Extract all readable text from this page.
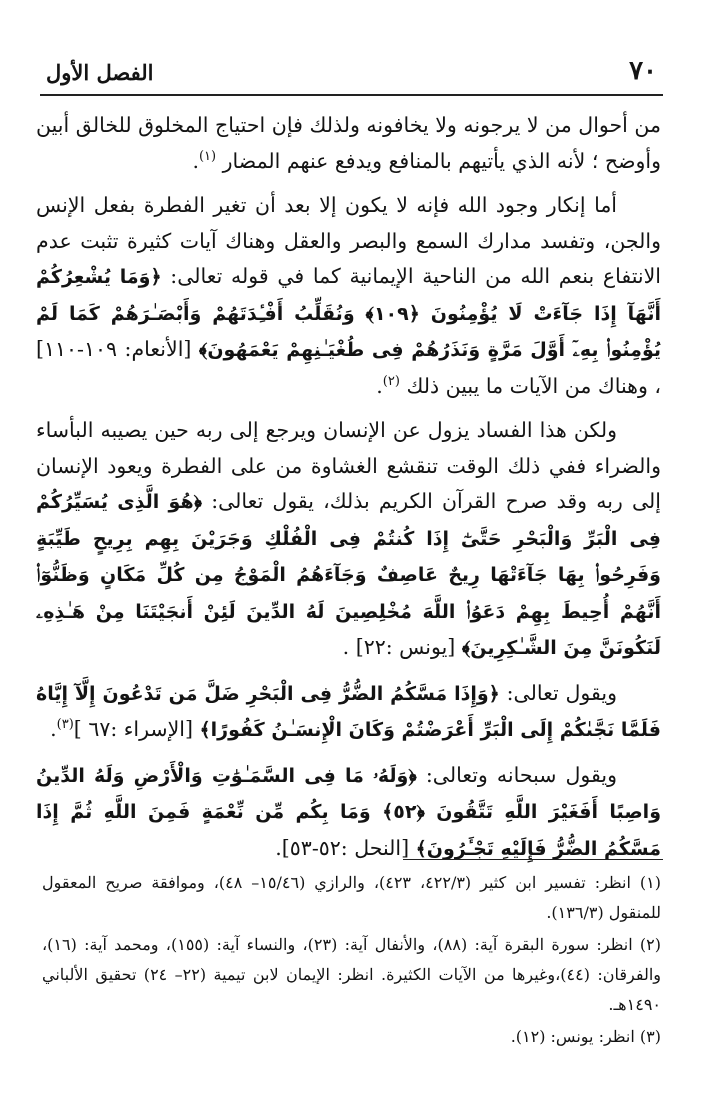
٧٠
الفصل الأول

من أحوال من لا يرجونه ولا يخافونه ولذلك فإن احتياج المخلوق للخالق أبين وأوضح ؛ لأنه الذي يأتيهم بالمنافع ويدفع عنهم المضار $^{(١)}$.

أما إنكار وجود الله فإنه لا يكون إلا بعد أن تغير الفطرة بفعل الإنس والجن، وتفسد مدارك السمع والبصر والعقل وهناك آيات كثيرة تثبت عدم الانتفاع بنعم الله من الناحية الإيمانية كما في قوله تعالى: ﴿وَمَا يُشْعِرُكُمْ أَنَّهَآ إِذَا جَآءَتْ لَا يُؤْمِنُونَ ﴿١٠٩﴾ وَنُقَلِّبُ أَفْـِٔدَتَهُمْ وَأَبْصَـٰرَهُمْ كَمَا لَمْ يُؤْمِنُوا۟ بِهِۦٓ أَوَّلَ مَرَّةٍ وَنَذَرُهُمْ فِى طُغْيَـٰنِهِمْ يَعْمَهُونَ﴾ [الأنعام: ١٠٩-١١٠] ، وهناك من الآيات ما يبين ذلك $^{(٢)}$.

ولكن هذا الفساد يزول عن الإنسان ويرجع إلى ربه حين يصيبه البأساء والضراء ففي ذلك الوقت تنقشع الغشاوة من على الفطرة ويعود الإنسان إلى ربه وقد صرح القرآن الكريم بذلك، يقول تعالى: ﴿هُوَ الَّذِى يُسَيِّرُكُمْ فِى الْبَرِّ وَالْبَحْرِ حَتَّىٰٓ إِذَا كُنتُمْ فِى الْفُلْكِ وَجَرَيْنَ بِهِم بِرِيحٍ طَيِّبَةٍ وَفَرِحُوا۟ بِهَا جَآءَتْهَا رِيحٌ عَاصِفٌ وَجَآءَهُمُ الْمَوْجُ مِن كُلِّ مَكَانٍ وَظَنُّوٓا۟ أَنَّهُمْ أُحِيطَ بِهِمْ دَعَوُا۟ اللَّهَ مُخْلِصِينَ لَهُ الدِّينَ لَئِنْ أَنجَيْتَنَا مِنْ هَـٰذِهِۦ لَنَكُونَنَّ مِنَ الشَّـٰكِرِينَ﴾ [يونس :٢٢] .

ويقول تعالى: ﴿وَإِذَا مَسَّكُمُ الضُّرُّ فِى الْبَحْرِ ضَلَّ مَن تَدْعُونَ إِلَّآ إِيَّاهُ فَلَمَّا نَجَّىٰكُمْ إِلَى الْبَرِّ أَعْرَضْتُمْ وَكَانَ الْإِنسَـٰنُ كَفُورًا﴾ [الإسراء :٦٧ ]$^{(٣)}$.

ويقول سبحانه وتعالى: ﴿وَلَهُۥ مَا فِى السَّمَـٰوَٰتِ وَالْأَرْضِ وَلَهُ الدِّينُ وَاصِبًا أَفَغَيْرَ اللَّهِ تَتَّقُونَ ﴿٥٢﴾ وَمَا بِكُم مِّن نِّعْمَةٍ فَمِنَ اللَّهِ ثُمَّ إِذَا مَسَّكُمُ الضُّرُّ فَإِلَيْهِ تَجْـَٔرُونَ﴾ [النحل :٥٢-٥٣].

(١) انظر: تفسير ابن كثير (٤٢٢/٣، ٤٢٣)، والرازي (١٥/٤٦– ٤٨)، وموافقة صريح المعقول للمنقول (١٣٦/٣).

(٢) انظر: سورة البقرة آية: (٨٨)، والأنفال آية: (٢٣)، والنساء آية: (١٥٥)، ومحمد آية: (١٦)، والفرقان: (٤٤)،وغيرها من الآيات الكثيرة. انظر: الإيمان لابن تيمية (٢٢– ٢٤) تحقيق الألباني ١٤٩٠هـ.

(٣) انظر: يونس: (١٢).
